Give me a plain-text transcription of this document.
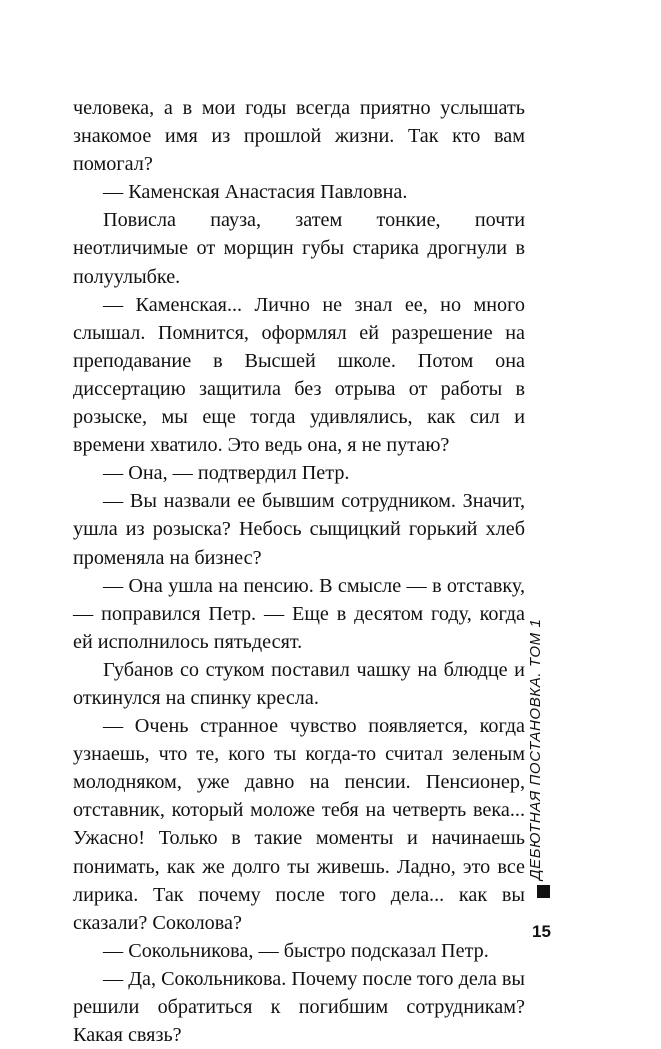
человека, а в мои годы всегда приятно услышать знакомое имя из прошлой жизни. Так кто вам помогал?

— Каменская Анастасия Павловна.

Повисла пауза, затем тонкие, почти неотличимые от морщин губы старика дрогнули в полуулыбке.

— Каменская... Лично не знал ее, но много слышал. Помнится, оформлял ей разрешение на преподавание в Высшей школе. Потом она диссертацию защитила без отрыва от работы в розыске, мы еще тогда удивлялись, как сил и времени хватило. Это ведь она, я не путаю?

— Она, — подтвердил Петр.

— Вы назвали ее бывшим сотрудником. Значит, ушла из розыска? Небось сыщицкий горький хлеб променяла на бизнес?

— Она ушла на пенсию. В смысле — в отставку, — поправился Петр. — Еще в десятом году, когда ей исполнилось пятьдесят.

Губанов со стуком поставил чашку на блюдце и откинулся на спинку кресла.

— Очень странное чувство появляется, когда узнаешь, что те, кого ты когда-то считал зеленым молодняком, уже давно на пенсии. Пенсионер, отставник, который моложе тебя на четверть века... Ужасно! Только в такие моменты и начинаешь понимать, как же долго ты живешь. Ладно, это все лирика. Так почему после того дела... как вы сказали? Соколова?

— Сокольникова, — быстро подсказал Петр.

— Да, Сокольникова. Почему после того дела вы решили обратиться к погибшим сотрудникам? Какая связь?

ДЕБЮТНАЯ ПОСТАНОВКА. ТОМ 1
15
